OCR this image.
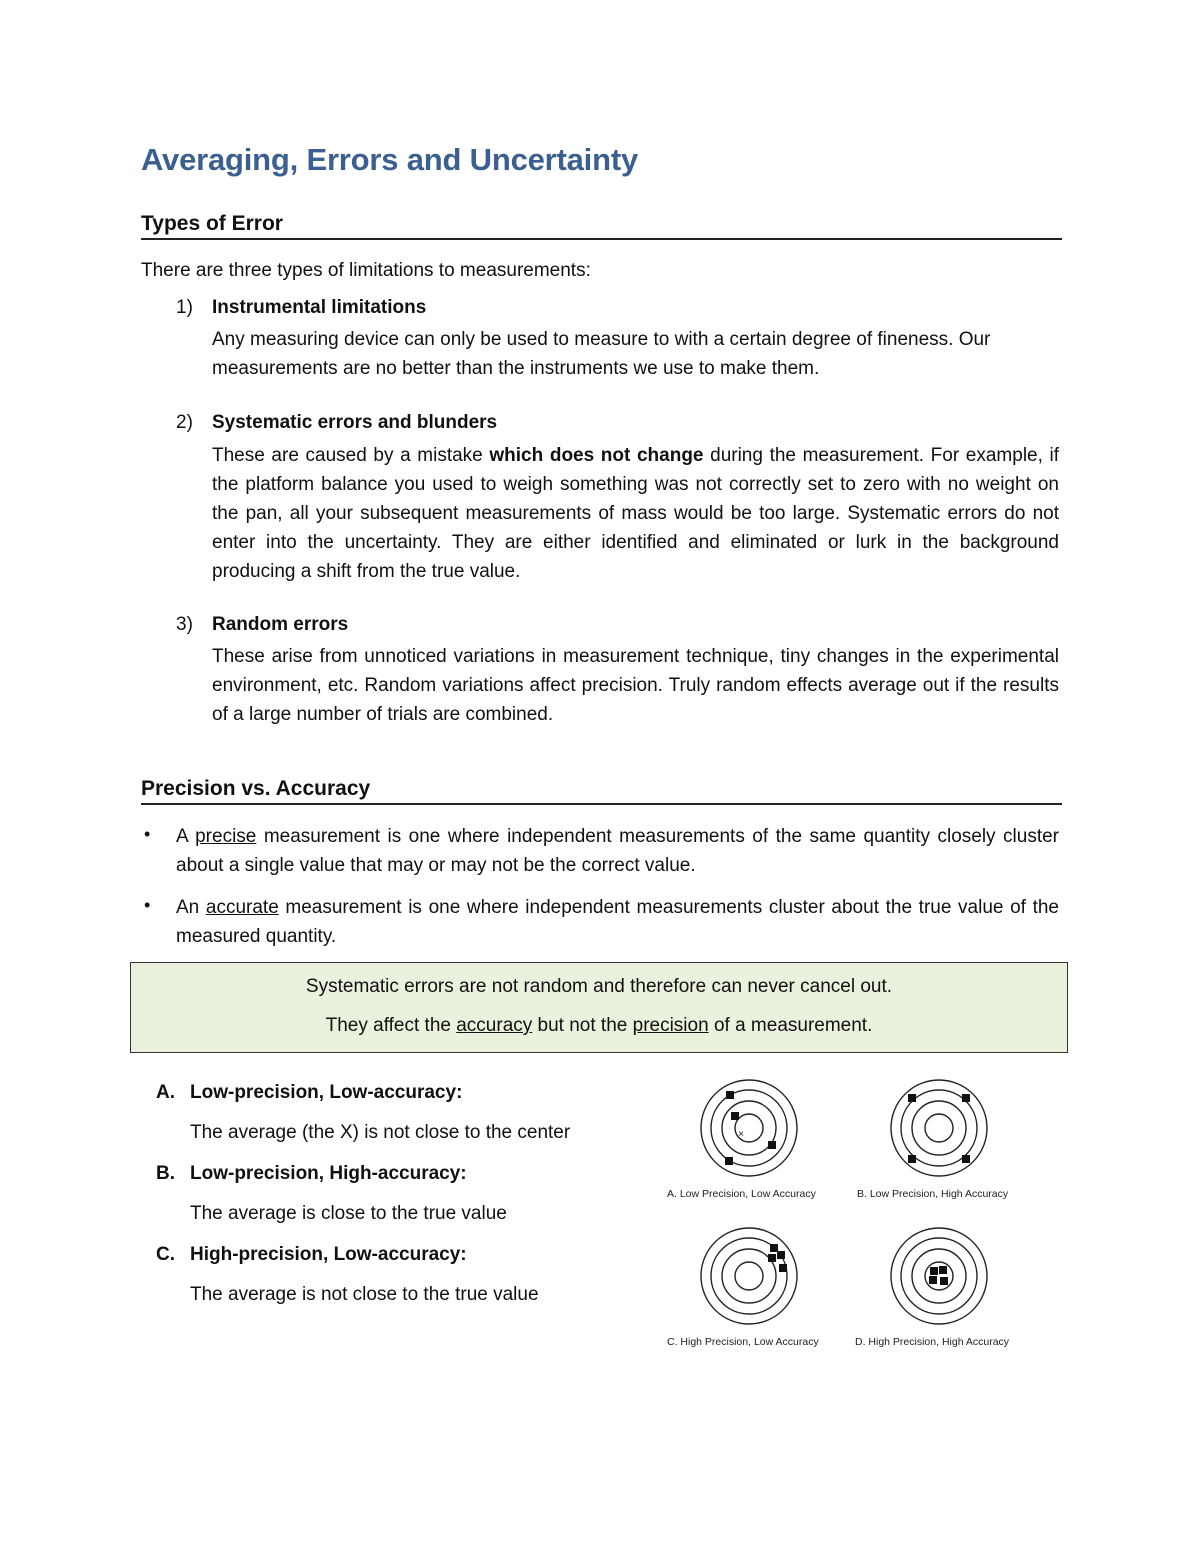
Averaging, Errors and Uncertainty
Types of Error
There are three types of limitations to measurements:
1) Instrumental limitations
Any measuring device can only be used to measure to with a certain degree of fineness. Our measurements are no better than the instruments we use to make them.
2) Systematic errors and blunders
These are caused by a mistake which does not change during the measurement. For example, if the platform balance you used to weigh something was not correctly set to zero with no weight on the pan, all your subsequent measurements of mass would be too large. Systematic errors do not enter into the uncertainty. They are either identified and eliminated or lurk in the background producing a shift from the true value.
3) Random errors
These arise from unnoticed variations in measurement technique, tiny changes in the experimental environment, etc. Random variations affect precision. Truly random effects average out if the results of a large number of trials are combined.
Precision vs. Accuracy
• A precise measurement is one where independent measurements of the same quantity closely cluster about a single value that may or may not be the correct value.
• An accurate measurement is one where independent measurements cluster about the true value of the measured quantity.
Systematic errors are not random and therefore can never cancel out.
They affect the accuracy but not the precision of a measurement.
A. Low-precision, Low-accuracy:
The average (the X) is not close to the center
B. Low-precision, High-accuracy:
The average is close to the true value
C. High-precision, Low-accuracy:
The average is not close to the true value
×
A. Low Precision, Low Accuracy	B. Low Precision, High Accuracy
C. High Precision, Low Accuracy	D. High Precision, High Accuracy
